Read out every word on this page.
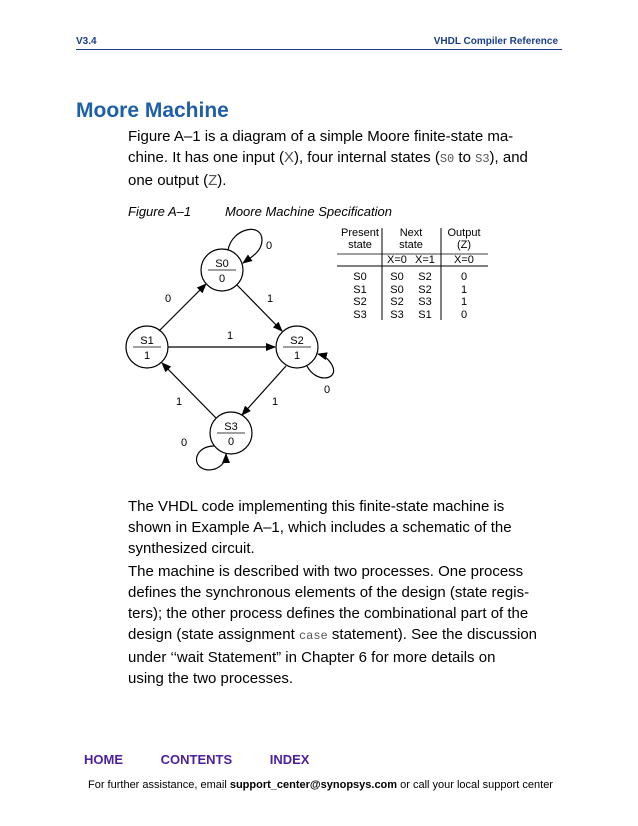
V3.4	VHDL Compiler Reference
Moore Machine
Figure A–1 is a diagram of a simple Moore finite-state ma-
chine. It has one input (X), four internal states (S0 to S3), and
one output (Z).
Figure A–1	Moore Machine Specification
S0
0
S1
1
S2
1
S3
0
0
0	1
1
0
1	1
0
Present
state
Next
state
Output
(Z)
X=0 X=1 X=0
S0 S0 S2	0
S1 S0 S2	1
S2 S2 S3	1
S3 S3 S1	0
The VHDL code implementing this finite-state machine is
shown in Example A–1, which includes a schematic of the
synthesized circuit.
The machine is described with two processes. One process
defines the synchronous elements of the design (state regis-
ters); the other process defines the combinational part of the
design (state assignment case statement). See the discussion
under ‘‘wait Statement” in Chapter 6 for more details on
using the two processes.
HOME	CONTENTS	INDEX
For further assistance, email support_center@synopsys.com or call your local support center
